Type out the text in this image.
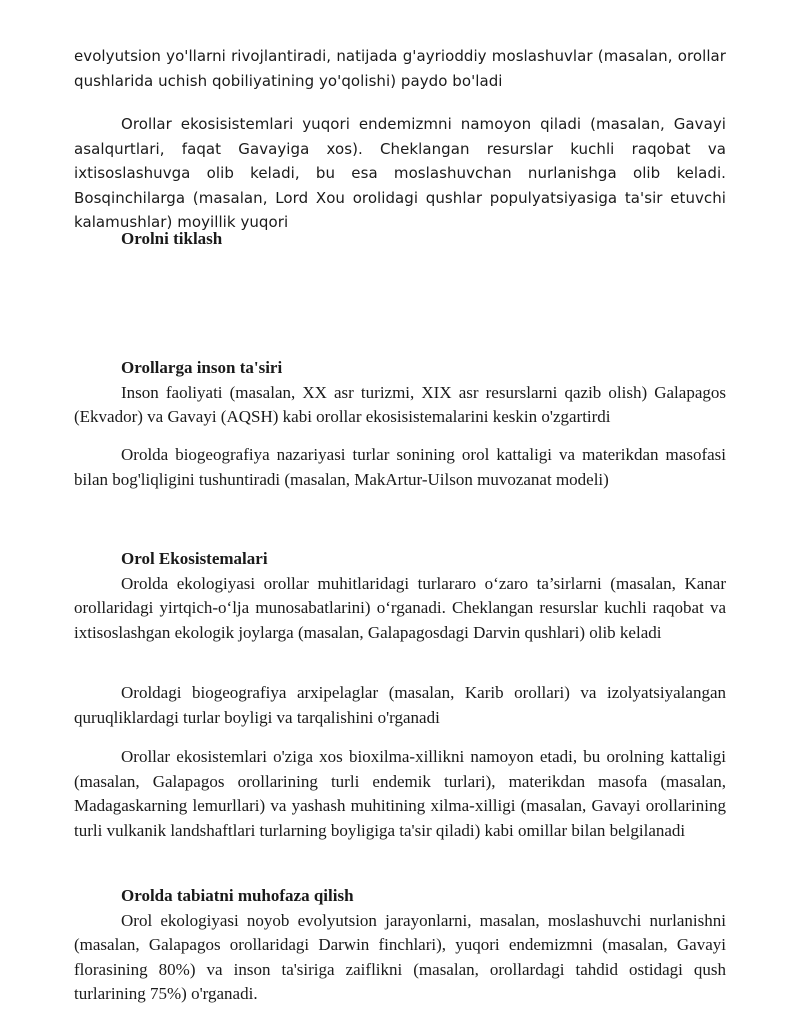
evolyutsion yo'llarni rivojlantiradi, natijada g'ayrioddiy moslashuvlar (masalan, orollar qushlarida uchish qobiliyatining yo'qolishi) paydo bo'ladi

Orollar ekosisistemlari yuqori endemizmni namoyon qiladi (masalan, Gavayi asalqurtlari, faqat Gavayiga xos). Cheklangan resurslar kuchli raqobat va ixtisoslashuvga olib keladi, bu esa moslashuvchan nurlanishga olib keladi. Bosqinchilarga (masalan, Lord Xou orolidagi qushlar populyatsiyasiga ta'sir etuvchi kalamushlar) moyillik yuqori

Orolni tiklash

Orollarga inson ta'siri

Inson faoliyati (masalan, XX asr turizmi, XIX asr resurslarni qazib olish) Galapagos (Ekvador) va Gavayi (AQSH) kabi orollar ekosisistemalarini keskin o'zgartirdi

Orolda biogeografiya nazariyasi turlar sonining orol kattaligi va materikdan masofasi bilan bog'liqligini tushuntiradi (masalan, MakArtur-Uilson muvozanat modeli)

Orol Ekosistemalari

Orolda ekologiyasi orollar muhitlaridagi turlararo o‘zaro ta’sirlarni (masalan, Kanar orollaridagi yirtqich-o‘lja munosabatlarini) o‘rganadi. Cheklangan resurslar kuchli raqobat va ixtisoslashgan ekologik joylarga (masalan, Galapagosdagi Darvin qushlari) olib keladi

Oroldagi biogeografiya arxipelaglar (masalan, Karib orollari) va izolyatsiyalangan quruqliklardagi turlar boyligi va tarqalishini o'rganadi

Orollar ekosistemlari o'ziga xos bioxilma-xillikni namoyon etadi, bu orolning kattaligi (masalan, Galapagos orollarining turli endemik turlari), materikdan masofa (masalan, Madagaskarning lemurllari) va yashash muhitining xilma-xilligi (masalan, Gavayi orollarining turli vulkanik landshaftlari turlarning boyligiga ta'sir qiladi) kabi omillar bilan belgilanadi

Orolda tabiatni muhofaza qilish

Orol ekologiyasi noyob evolyutsion jarayonlarni, masalan, moslashuvchi nurlanishni (masalan, Galapagos orollaridagi Darwin finchlari), yuqori endemizmni (masalan, Gavayi florasining 80%) va inson ta'siriga zaiflikni (masalan, orollardagi tahdid ostidagi qush turlarining 75%) o'rganadi.
